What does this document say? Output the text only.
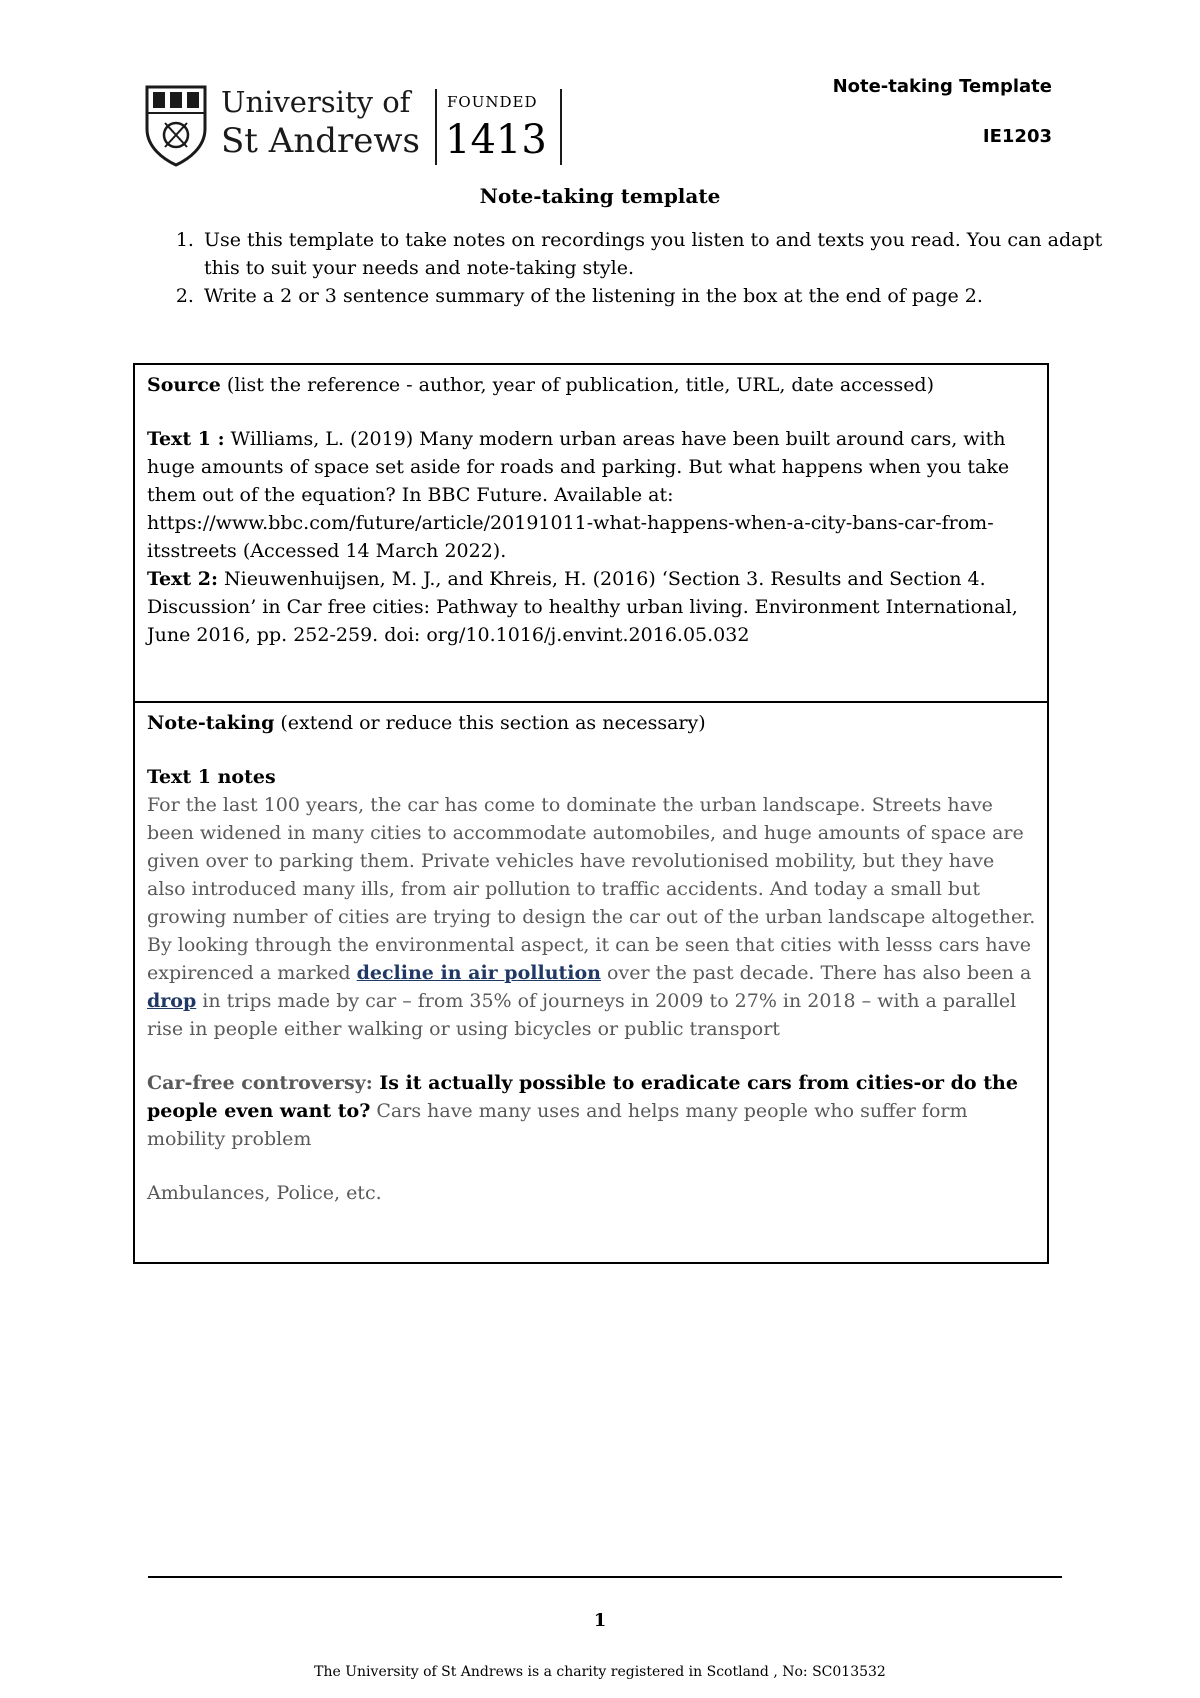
University of
St Andrews
FOUNDED
1413
Note-taking Template
IE1203
Note-taking template
1. Use this template to take notes on recordings you listen to and texts you read. You can adapt this to suit your needs and note-taking style.
2. Write a 2 or 3 sentence summary of the listening in the box at the end of page 2.

Source (list the reference - author, year of publication, title, URL, date accessed)

Text 1 : Williams, L. (2019) Many modern urban areas have been built around cars, with huge amounts of space set aside for roads and parking. But what happens when you take them out of the equation? In BBC Future. Available at: https://www.bbc.com/future/article/20191011-what-happens-when-a-city-bans-car-from-itsstreets (Accessed 14 March 2022).

Text 2: Nieuwenhuijsen, M. J., and Khreis, H. (2016) ‘Section 3. Results and Section 4. Discussion’ in Car free cities: Pathway to healthy urban living. Environment International, June 2016, pp. 252-259. doi: org/10.1016/j.envint.2016.05.032

Note-taking (extend or reduce this section as necessary)

Text 1 notes

For the last 100 years, the car has come to dominate the urban landscape. Streets have been widened in many cities to accommodate automobiles, and huge amounts of space are given over to parking them. Private vehicles have revolutionised mobility, but they have also introduced many ills, from air pollution to traffic accidents. And today a small but growing number of cities are trying to design the car out of the urban landscape altogether.

By looking through the environmental aspect, it can be seen that cities with lesss cars have expirenced a marked decline in air pollution over the past decade. There has also been a drop in trips made by car – from 35% of journeys in 2009 to 27% in 2018 – with a parallel rise in people either walking or using bicycles or public transport

Car-free controversy: Is it actually possible to eradicate cars from cities-or do the people even want to? Cars have many uses and helps many people who suffer form mobility problem

Ambulances, Police, etc.

1
The University of St Andrews is a charity registered in Scotland , No: SC013532
